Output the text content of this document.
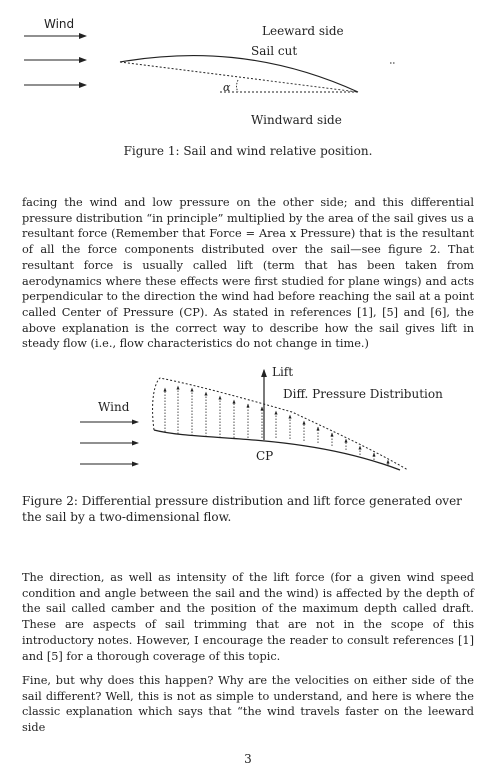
Wind	Leeward side
Sail cut
α
Windward side
Figure 1: Sail and wind relative position.
facing the wind and low pressure on the other side; and this differential pressure distribution “in principle” multiplied by the area of the sail gives us a resultant force (Remember that Force = Area x Pressure) that is the resultant of all the force components distributed over the sail—see figure 2. That resultant force is usually called lift (term that has been taken from aerodynamics where these effects were first studied for plane wings) and acts perpendicular to the direction the wind had before reaching the sail at a point called Center of Pressure (CP). As stated in references [1], [5] and [6], the above explanation is the correct way to describe how the sail gives lift in steady flow (i.e., flow characteristics do not change in time.)
Lift
Diff. Pressure Distribution
Wind
CP
Figure 2: Differential pressure distribution and lift force generated over the sail by a two-dimensional flow.
The direction, as well as intensity of the lift force (for a given wind speed condition and angle between the sail and the wind) is affected by the depth of the sail called camber and the position of the maximum depth called draft. These are aspects of sail trimming that are not in the scope of this introductory notes. However, I encourage the reader to consult references [1] and [5] for a thorough coverage of this topic.
Fine, but why does this happen? Why are the velocities on either side of the sail different? Well, this is not as simple to understand, and here is where the classic explanation which says that “the wind travels faster on the leeward side
3
